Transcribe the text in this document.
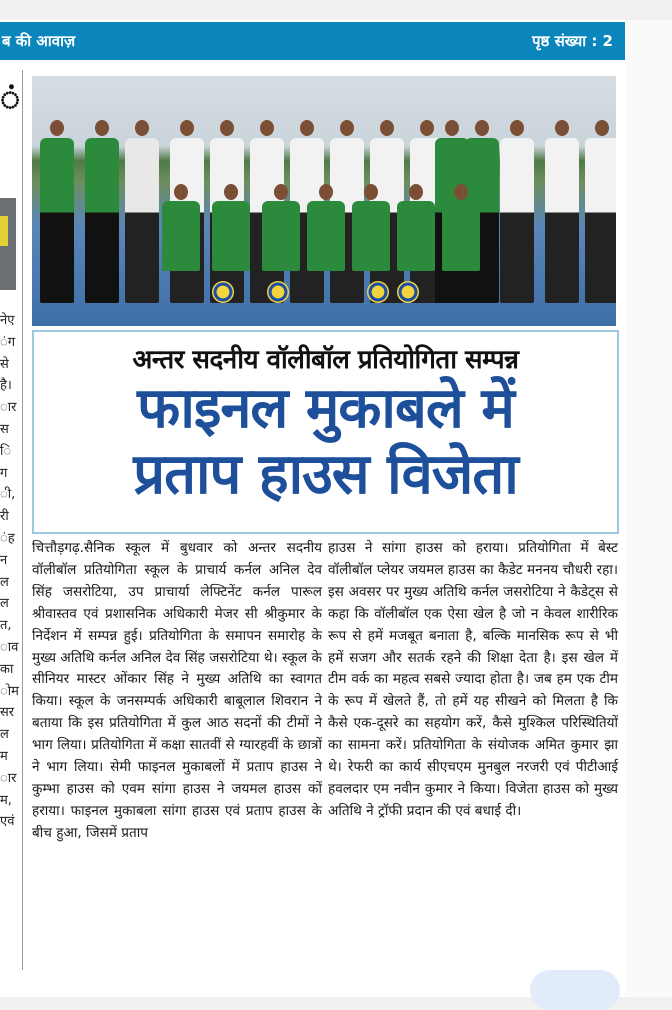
ब की आवाज़	पृष्ठ संख्या : 2
ं
नेए
ंग
से
है।
ार
स
ि
ग
ी,
री
ंह
न
ल
ल
त,
ाव
का
ोम
सर
ल
म
ार
म,
एवं
अन्तर सदनीय वॉलीबॉल प्रतियोगिता सम्पन्न
फाइनल मुकाबले में
प्रताप हाउस विजेता
चित्तौड़गढ़.सैनिक स्कूल में बुधवार को अन्तर सदनीय वॉलीबॉल प्रतियोगिता स्कूल के प्राचार्य कर्नल अनिल देव सिंह जसरोटिया, उप प्राचार्या लेफ्टिनेंट कर्नल पारूल श्रीवास्तव एवं प्रशासनिक अधिकारी मेजर सी श्रीकुमार के निर्देशन में सम्पन्न हुई। प्रतियोगिता के समापन समारोह के मुख्य अतिथि कर्नल अनिल देव सिंह जसरोटिया थे। स्कूल के सीनियर मास्टर ओंकार सिंह ने मुख्य अतिथि का स्वागत किया। स्कूल के जनसम्पर्क अधिकारी बाबूलाल शिवरान ने बताया कि इस प्रतियोगिता में कुल आठ सदनों की टीमों ने भाग लिया। प्रतियोगिता में कक्षा सातवीं से ग्यारहवीं के छात्रों ने भाग लिया। सेमी फाइनल मुकाबलों में प्रताप हाउस ने कुम्भा हाउस को एवम सांगा हाउस ने जयमल हाउस कों हराया। फाइनल मुकाबला सांगा हाउस एवं प्रताप हाउस के बीच हुआ, जिसमें प्रताप
हाउस ने सांगा हाउस को हराया। प्रतियोगिता में बेस्ट वॉलीबॉल प्लेयर जयमल हाउस का कैडेट मननय चौधरी रहा। इस अवसर पर मुख्य अतिथि कर्नल जसरोटिया ने कैडेट्स से कहा कि वॉलीबॉल एक ऐसा खेल है जो न केवल शारीरिक रूप से हमें मजबूत बनाता है, बल्कि मानसिक रूप से भी हमें सजग और सतर्क रहने की शिक्षा देता है। इस खेल में टीम वर्क का महत्व सबसे ज्यादा होता है। जब हम एक टीम के रूप में खेलते हैं, तो हमें यह सीखने को मिलता है कि कैसे एक-दूसरे का सहयोग करें, कैसे मुश्किल परिस्थितियों का सामना करें। प्रतियोगिता के संयोजक अमित कुमार झा थे। रेफरी का कार्य सीएचएम मुनबुल नरजरी एवं पीटीआई हवलदार एम नवीन कुमार ने किया। विजेता हाउस को मुख्य अतिथि ने ट्रॉफी प्रदान की एवं बधाई दी।
